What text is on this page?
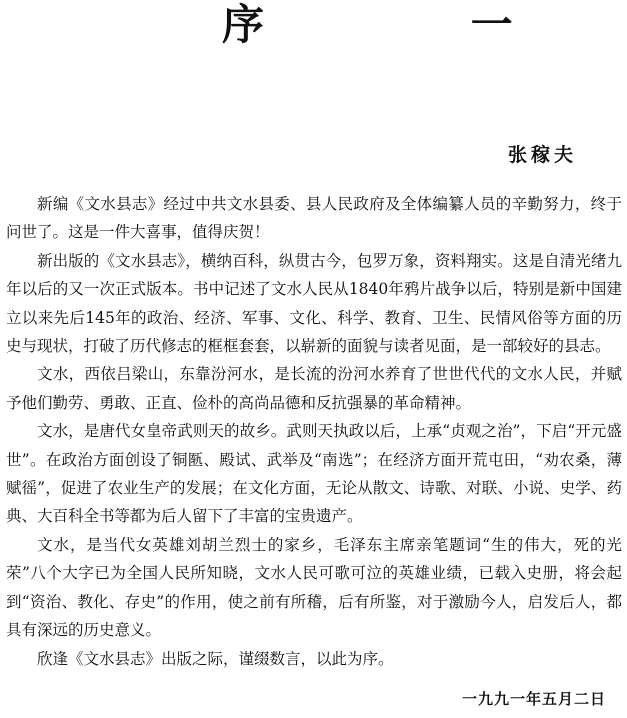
序 一
张稼夫

新编《文水县志》经过中共文水县委、县人民政府及全体编纂人员的辛勤努力，终于问世了。这是一件大喜事，值得庆贺！

新出版的《文水县志》，横纳百科，纵贯古今，包罗万象，资料翔实。这是自清光绪九年以后的又一次正式版本。书中记述了文水人民从1840年鸦片战争以后，特别是新中国建立以来先后145年的政治、经济、军事、文化、科学、教育、卫生、民情风俗等方面的历史与现状，打破了历代修志的框框套套，以崭新的面貌与读者见面，是一部较好的县志。

文水，西依吕梁山，东靠汾河水，是长流的汾河水养育了世世代代的文水人民，并赋予他们勤劳、勇敢、正直、俭朴的高尚品德和反抗强暴的革命精神。

文水，是唐代女皇帝武则天的故乡。武则天执政以后，上承“贞观之治”，下启“开元盛世”。在政治方面创设了铜匦、殿试、武举及“南选”；在经济方面开荒屯田，“劝农桑，薄赋徭”，促进了农业生产的发展；在文化方面，无论从散文、诗歌、对联、小说、史学、药典、大百科全书等都为后人留下了丰富的宝贵遗产。

文水，是当代女英雄刘胡兰烈士的家乡，毛泽东主席亲笔题词“生的伟大，死的光荣”八个大字已为全国人民所知晓，文水人民可歌可泣的英雄业绩，已载入史册，将会起到“资治、教化、存史”的作用，使之前有所稽，后有所鉴，对于激励今人，启发后人，都具有深远的历史意义。

欣逢《文水县志》出版之际，谨缀数言，以此为序。

一九九一年五月二日
